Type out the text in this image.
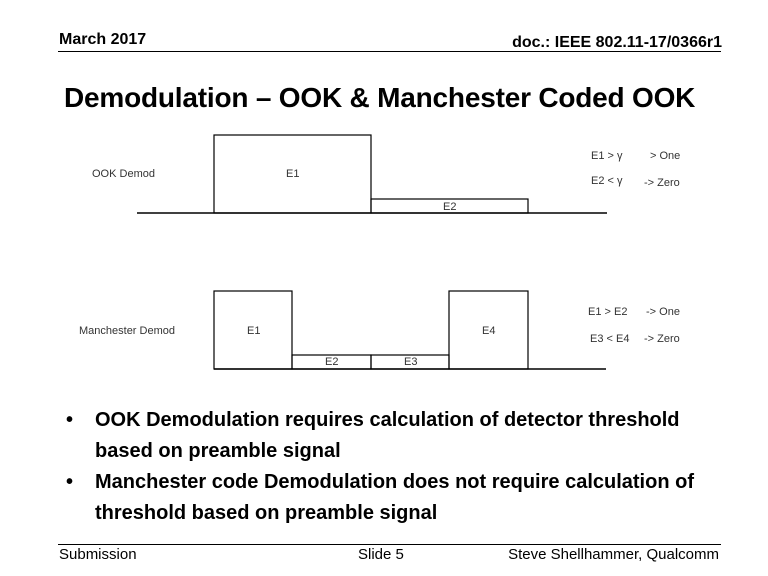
March 2017	doc.: IEEE 802.11-17/0366r1
Demodulation – OOK & Manchester Coded OOK
OOK Demod	E1
E2
E1 > γ	> One
E2 < γ -> Zero
Manchester Demod	E1
E2	E3
E4
E1 > E2 -> One
E3 < E4 -> Zero
• OOK Demodulation requires calculation of detector threshold based on preamble signal
• Manchester code Demodulation does not require calculation of threshold based on preamble signal
Submission	Slide 5	Steve Shellhammer, Qualcomm
